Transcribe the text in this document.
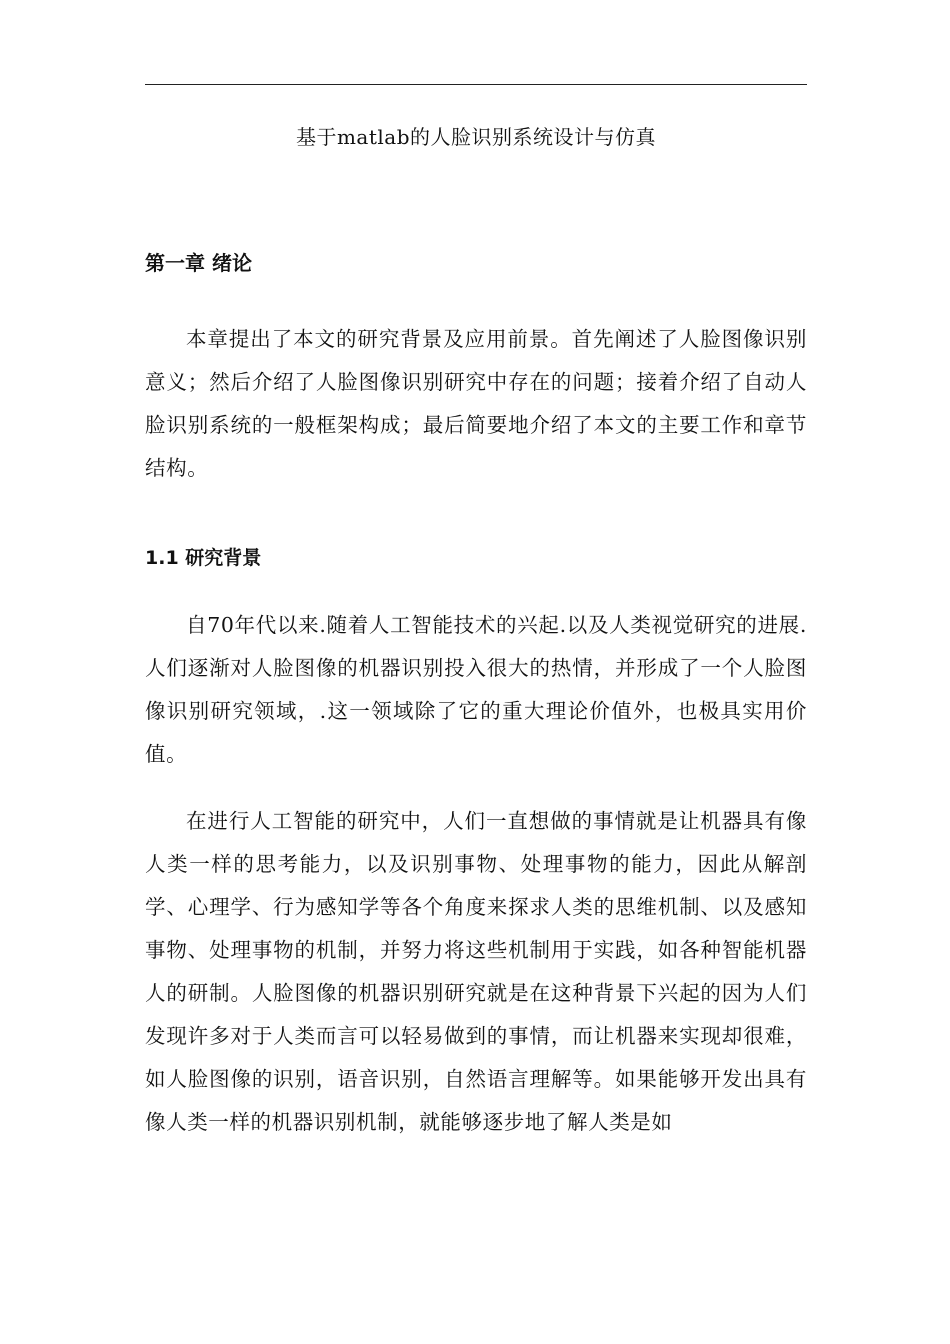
基于matlab的人脸识别系统设计与仿真
第一章 绪论

本章提出了本文的研究背景及应用前景。首先阐述了人脸图像识别意义；然后介绍了人脸图像识别研究中存在的问题；接着介绍了自动人脸识别系统的一般框架构成；最后简要地介绍了本文的主要工作和章节结构。

1.1 研究背景

自70年代以来.随着人工智能技术的兴起.以及人类视觉研究的进展.人们逐渐对人脸图像的机器识别投入很大的热情，并形成了一个人脸图像识别研究领域，.这一领域除了它的重大理论价值外，也极具实用价值。

在进行人工智能的研究中，人们一直想做的事情就是让机器具有像人类一样的思考能力，以及识别事物、处理事物的能力，因此从解剖学、心理学、行为感知学等各个角度来探求人类的思维机制、以及感知事物、处理事物的机制，并努力将这些机制用于实践，如各种智能机器人的研制。人脸图像的机器识别研究就是在这种背景下兴起的因为人们发现许多对于人类而言可以轻易做到的事情，而让机器来实现却很难，如人脸图像的识别，语音识别，自然语言理解等。如果能够开发出具有像人类一样的机器识别机制，就能够逐步地了解人类是如
